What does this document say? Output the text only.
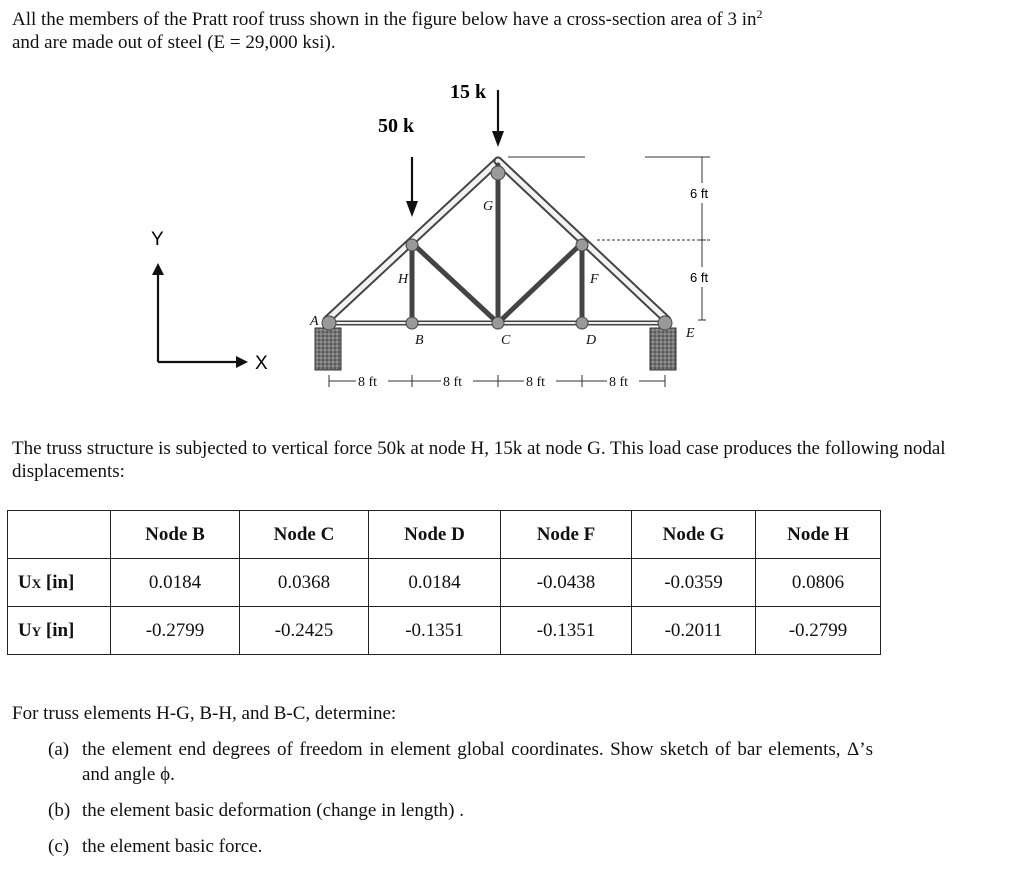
All the members of the Pratt roof truss shown in the figure below have a cross-section area of 3 $in^2$
and are made out of steel (E = 29,000 ksi).

Y
X
A
B	C	D	E
F
G
H
50 k
15 k
6 ft
6 ft
8 ft	8 ft	8 ft	8 ft

The truss structure is subjected to vertical force 50k at node H, 15k at node G. This load case produces the following nodal displacements:

	Node B	Node C	Node D	Node F	Node G	Node H
UX [in]	0.0184	0.0368	0.0184	-0.0438	-0.0359	0.0806
UY [in]	-0.2799	-0.2425	-0.1351	-0.1351	-0.2011	-0.2799

For truss elements H-G, B-H, and B-C, determine:

(a) the element end degrees of freedom in element global coordinates. Show sketch of bar elements, Δ’s and angle ϕ.
(b) the element basic deformation (change in length) .
(c) the element basic force.
